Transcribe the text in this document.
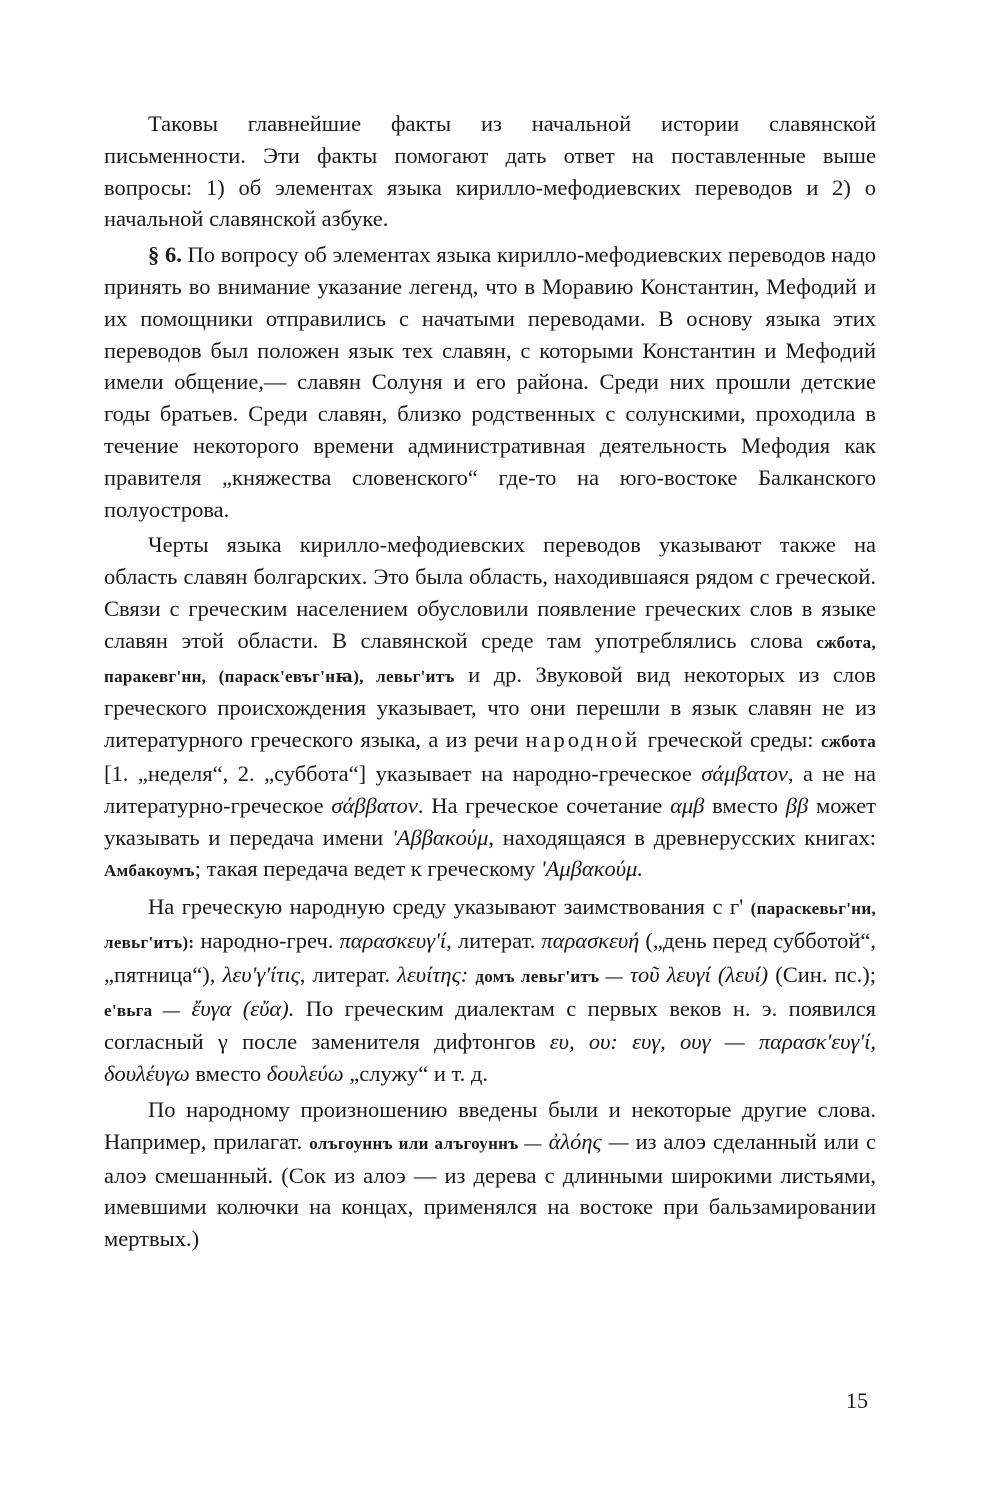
Таковы главнейшие факты из начальной истории славянской письменности. Эти факты помогают дать ответ на поставленные выше вопросы: 1) об элементах языка кирилло-мефодиевских переводов и 2) о начальной славянской азбуке.

§ 6. По вопросу об элементах языка кирилло-мефодиевских переводов надо принять во внимание указание легенд, что в Моравию Константин, Мефодий и их помощники отправились с начатыми переводами. В основу языка этих переводов был положен язык тех славян, с которыми Константин и Мефодий имели общение,— славян Солуня и его района. Среди них прошли детские годы братьев. Среди славян, близко родственных с солунскими, проходила в течение некоторого времени административная деятельность Мефодия как правителя „княжества словенского“ где-то на юго-востоке Балканского полуострова.

Черты языка кирилло-мефодиевских переводов указывают также на область славян болгарских. Это была область, находившаяся рядом с греческой. Связи с греческим населением обусловили появление греческих слов в языке славян этой области. В славянской среде там употреблялись слова сжбота, паракевг'нн, (параск'евъг'нꙗ), левьг'итъ и др. Звуковой вид некоторых из слов греческого происхождения указывает, что они перешли в язык славян не из литературного греческого языка, а из речи народной греческой среды: сжбота [1. „неделя“, 2. „суббота“] указывает на народно-греческое σάμβατον, а не на литературно-греческое σάββατον. На греческое сочетание αμβ вместо ββ может указывать и передача имени 'Αββακούμ, находящаяся в древнерусских книгах: Амбакоумъ; такая передача ведет к греческому 'Αμβακούμ.

На греческую народную среду указывают заимствования с г' (параскевьг'ни, левьг'итъ): народно-греч. παρασκευγ'ί, литерат. παρασκευή („день перед субботой“, „пятница“), λευ'γ'ίτις, литерат. λευίτης: домъ левьг'итъ — τοῦ λευγί (λευί) (Син. пс.); е'вьга — ἔυγα (εὔα). По греческим диалектам с первых веков н. э. появился согласный γ после заменителя дифтонгов ευ, ου: ευγ, ουγ — παρασκ'ευγ'ί, δουλέυγω вместо δουλεύω „служу“ и т. д.

По народному произношению введены были и некоторые другие слова. Например, прилагат. олъгоуннъ или алъгоуннъ — ἀλόης — из алоэ сделанный или с алоэ смешанный. (Сок из алоэ — из дерева с длинными широкими листьями, имевшими колючки на концах, применялся на востоке при бальзамировании мертвых.)

15
